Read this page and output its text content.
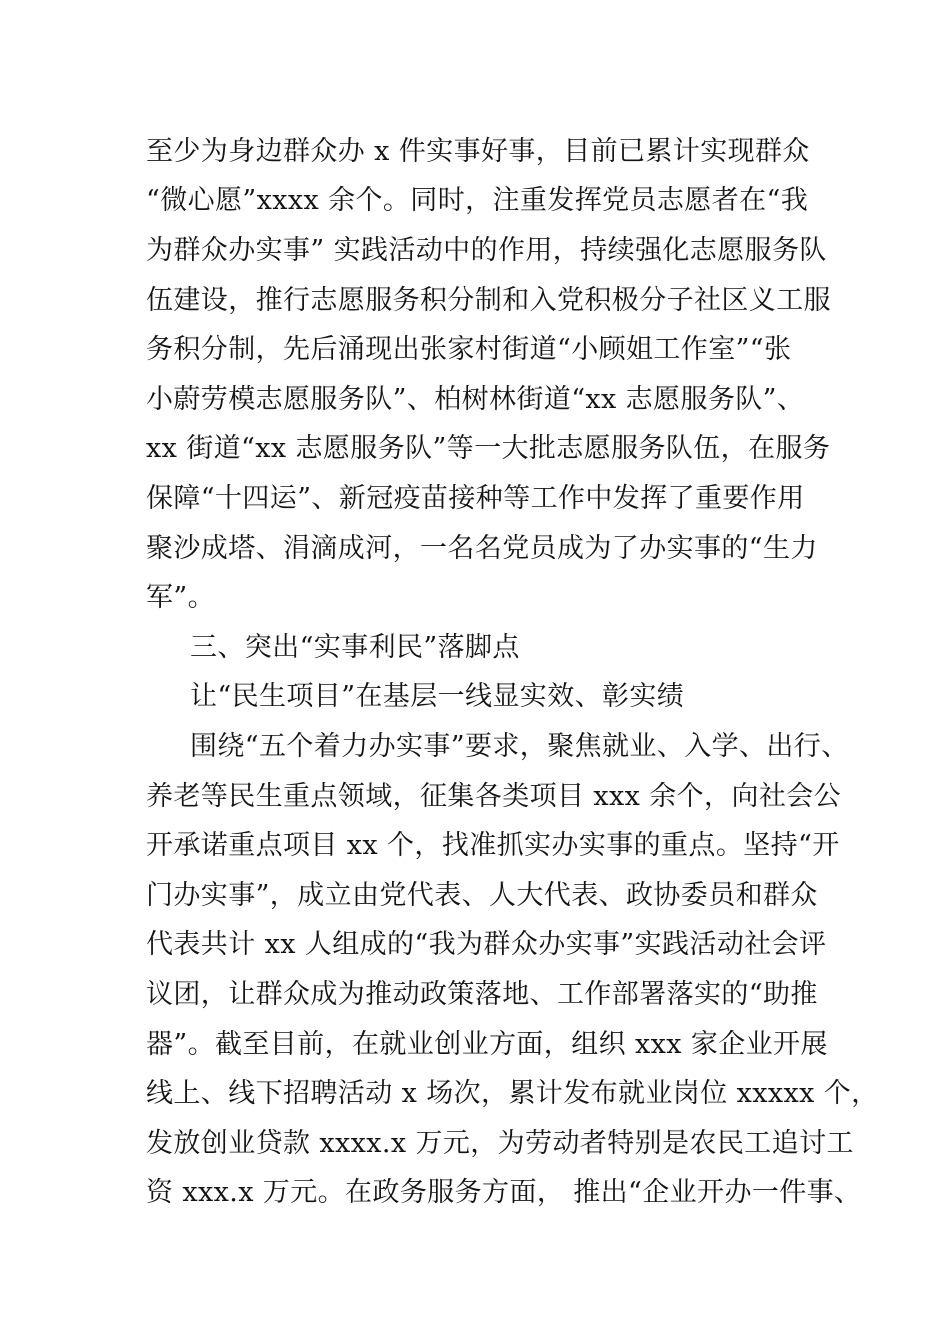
至少为身边群众办 x 件实事好事，目前已累计实现群众
“微心愿”xxxx 余个。同时，注重发挥党员志愿者在“我
为群众办实事” 实践活动中的作用，持续强化志愿服务队
伍建设，推行志愿服务积分制和入党积极分子社区义工服
务积分制，先后涌现出张家村街道“小顾姐工作室”“张
小蔚劳模志愿服务队”、柏树林街道“xx 志愿服务队”、
xx 街道“xx 志愿服务队”等一大批志愿服务队伍，在服务
保障“十四运”、新冠疫苗接种等工作中发挥了重要作用
聚沙成塔、涓滴成河，一名名党员成为了办实事的“生力
军”。
三、突出“实事利民”落脚点
让“民生项目”在基层一线显实效、彰实绩
围绕“五个着力办实事”要求，聚焦就业、入学、出行、
养老等民生重点领域，征集各类项目 xxx 余个，向社会公
开承诺重点项目 xx 个，找准抓实办实事的重点。坚持“开
门办实事”，成立由党代表、人大代表、政协委员和群众
代表共计 xx 人组成的“我为群众办实事”实践活动社会评
议团，让群众成为推动政策落地、工作部署落实的“助推
器”。截至目前，在就业创业方面，组织 xxx 家企业开展
线上、线下招聘活动 x 场次，累计发布就业岗位 xxxxx 个，
发放创业贷款 xxxx.x 万元，为劳动者特别是农民工追讨工
资 xxx.x 万元。在政务服务方面， 推出“企业开办一件事、
